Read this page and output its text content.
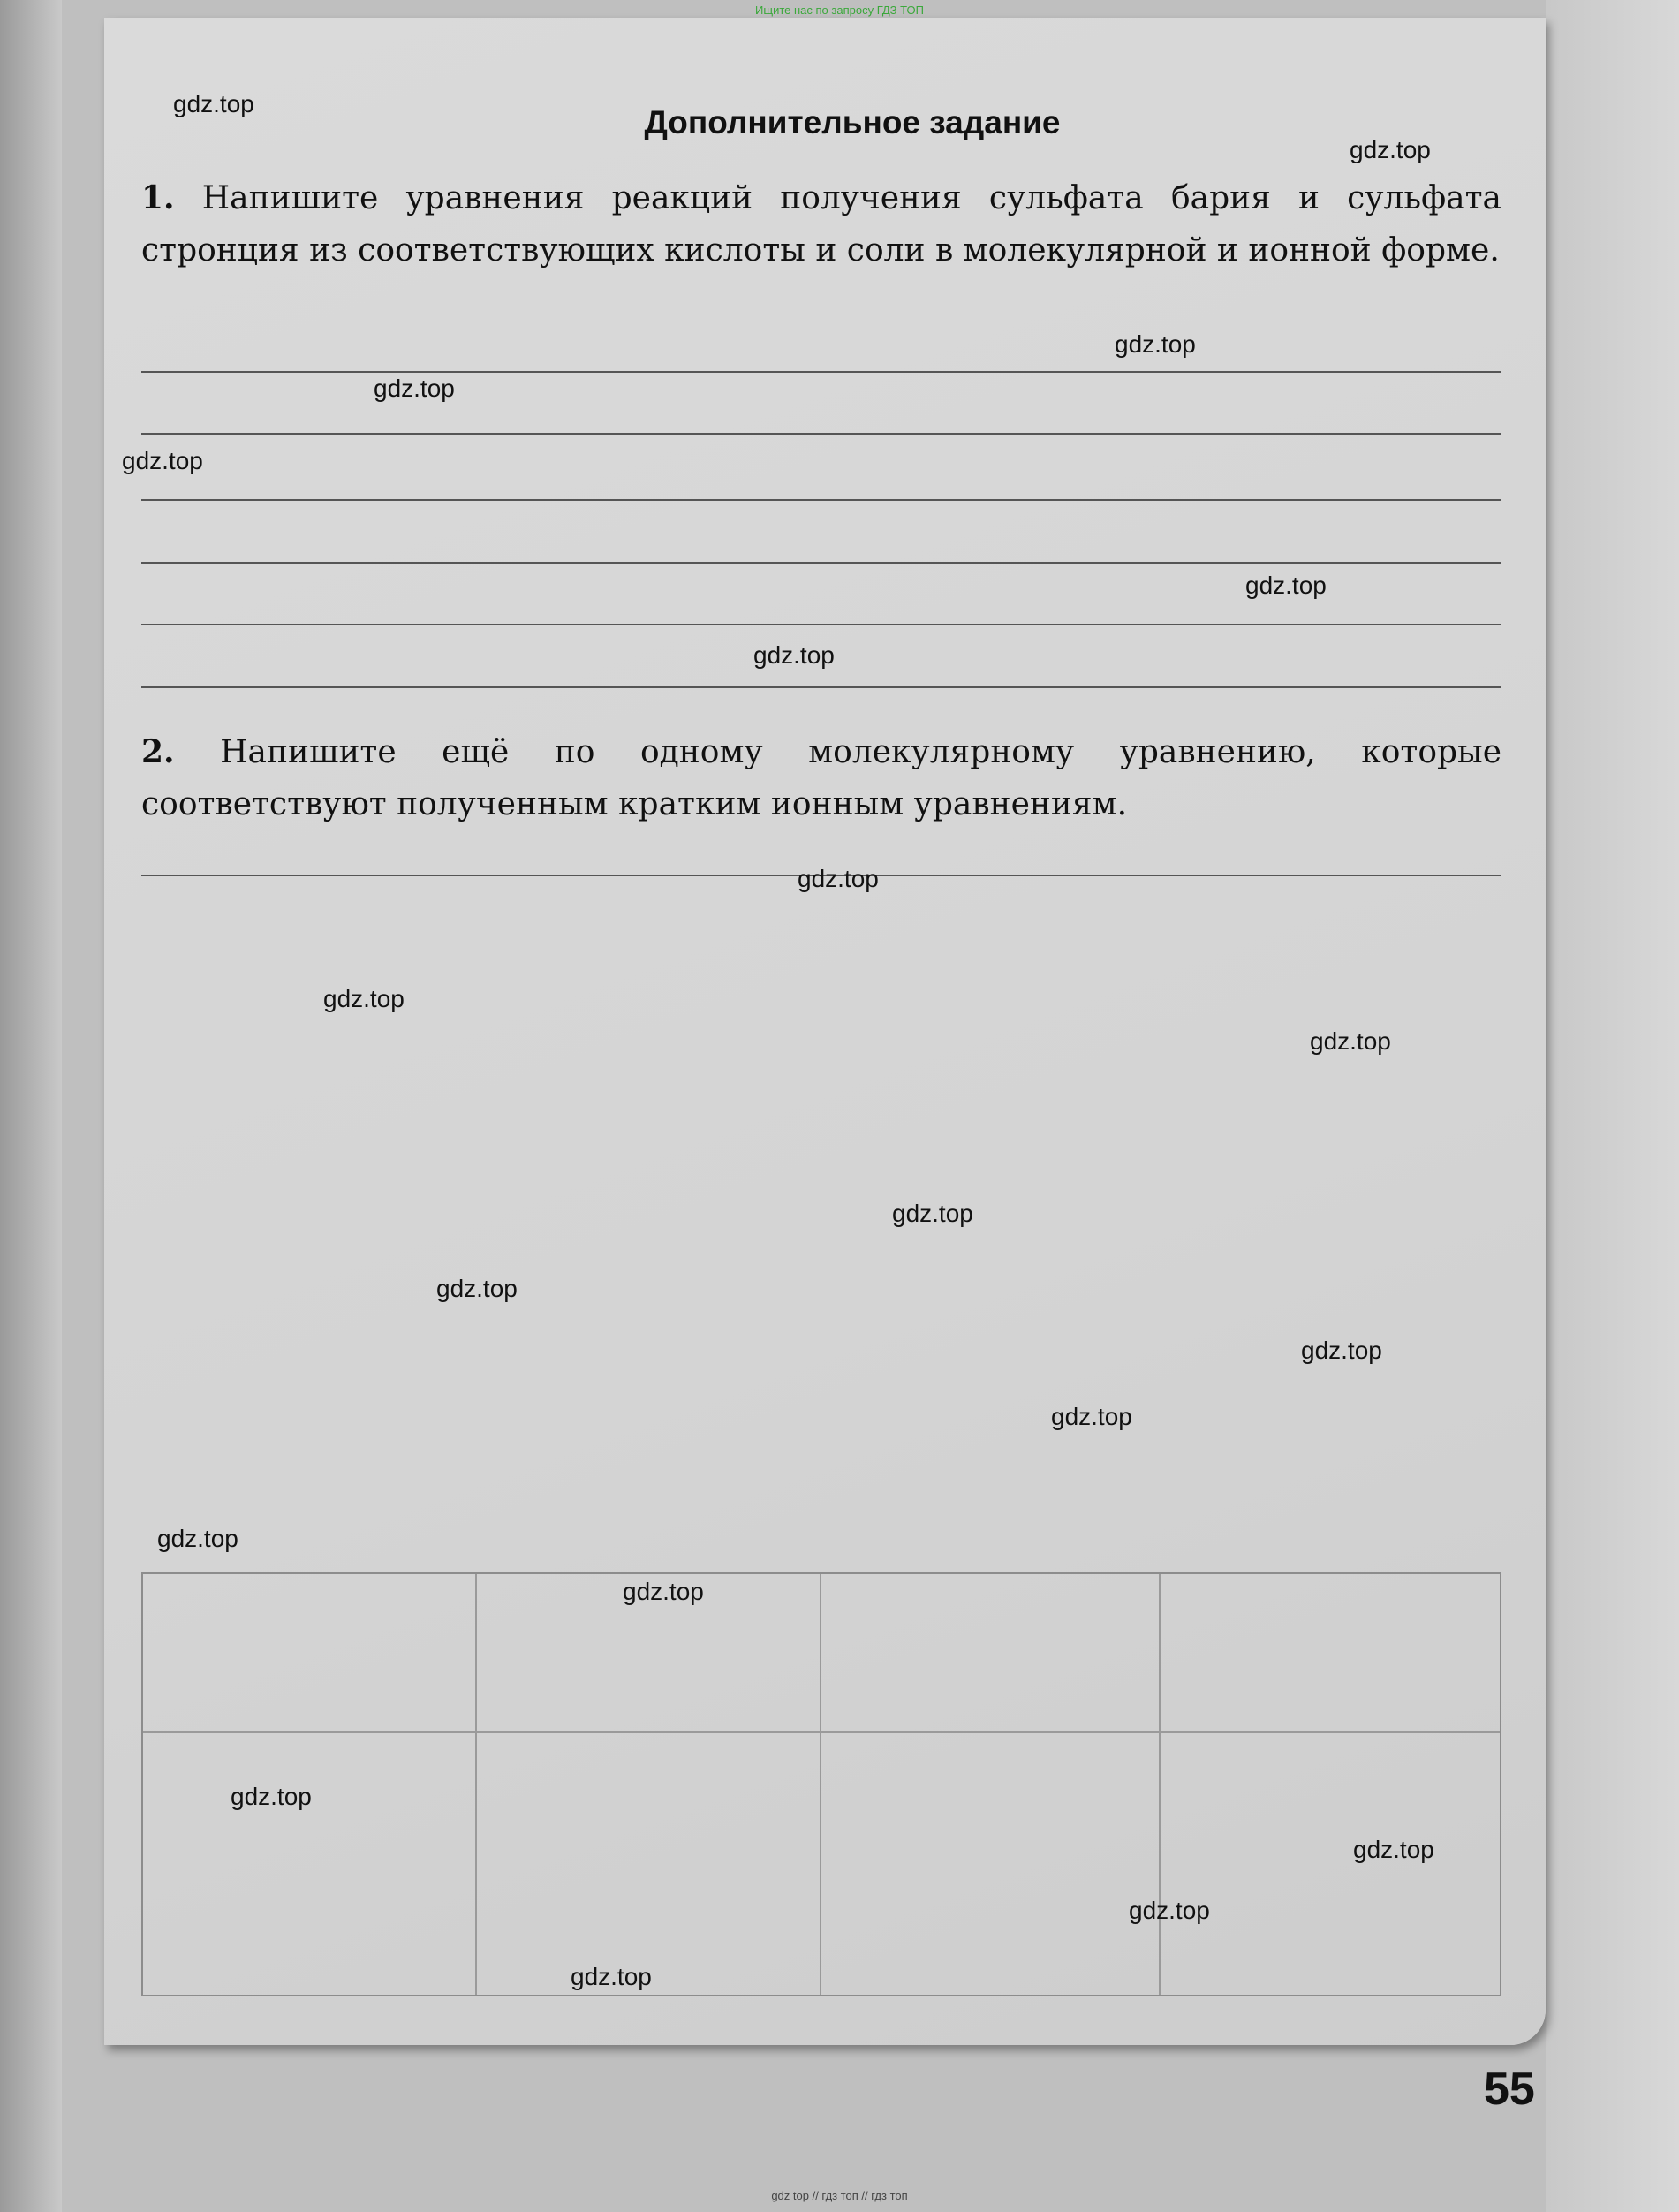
Ищите нас по запросу ГДЗ ТОП
Дополнительное задание

1. Напишите уравнения реакций получения сульфата бария и сульфата стронция из соответствующих кислоты и соли в молекулярной и ионной форме.

2. Напишите ещё по одному молекулярному уравнению, которые соответствуют полученным кратким ионным уравнениям.

55
gdz.top
gdz.top
gdz.top
gdz.top
gdz.top
gdz.top
gdz.top
gdz.top
gdz.top
gdz.top
gdz.top
gdz.top
gdz.top
gdz.top
gdz.top
gdz.top
gdz.top
gdz.top
gdz.top
gdz.top
gdz top // гдз топ // гдз топ
